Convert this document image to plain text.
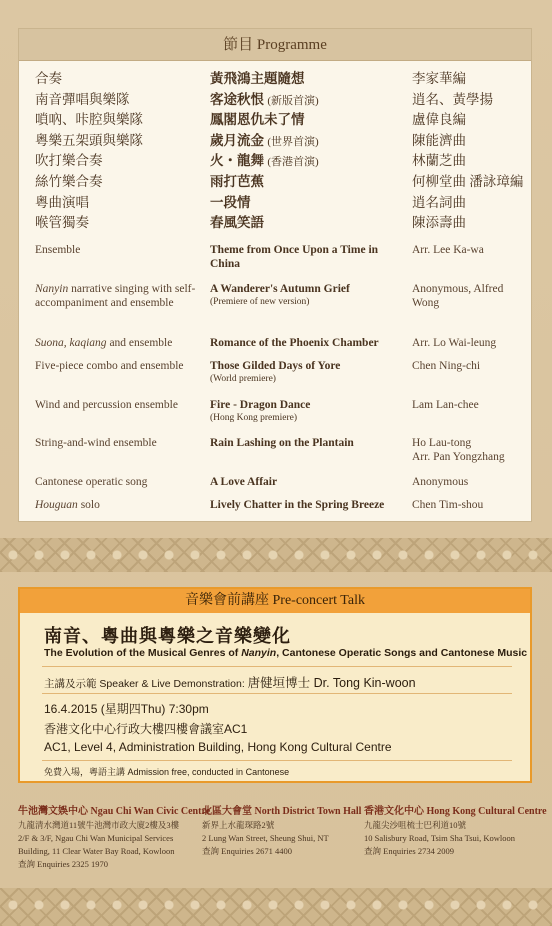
節目 Programme
合奏
南音彈唱與樂隊
嗩吶、咔腔與樂隊
粵樂五架頭與樂隊
吹打樂合奏
絲竹樂合奏
粵曲演唱
喉管獨奏
黃飛鴻主題隨想
客途秋恨 (新版首演)
鳳閣恩仇未了情
歲月流金 (世界首演)
火・龍舞 (香港首演)
雨打芭蕉
一段情
春風笑語
李家華編
逍名、黃學揚
盧偉良編
陳能濟曲
林蘭芝曲
何柳堂曲 潘詠璋編
逍名詞曲
陳添壽曲
Ensemble
Nanyin narrative singing with self-accompaniment and ensemble
Suona, kaqiang and ensemble
Five-piece combo and ensemble
Wind and percussion ensemble
String-and-wind ensemble
Cantonese operatic song
Houguan solo
Theme from Once Upon a Time in China
A Wanderer's Autumn Grief
(Premiere of new version)
Romance of the Phoenix Chamber
Those Gilded Days of Yore
(World premiere)
Fire - Dragon Dance
(Hong Kong premiere)
Rain Lashing on the Plantain
A Love Affair
Lively Chatter in the Spring Breeze
Arr. Lee Ka-wa
Anonymous, Alfred Wong
Arr. Lo Wai-leung
Chen Ning-chi
Lam Lan-chee
Ho Lau-tong
Arr. Pan Yongzhang
Anonymous
Chen Tim-shou
音樂會前講座 Pre-concert Talk
南音、粵曲與粵樂之音樂變化
The Evolution of the Musical Genres of Nanyin, Cantonese Operatic Songs and Cantonese Music
主講及示範 Speaker & Live Demonstration: 唐健垣博士 Dr. Tong Kin-woon
16.4.2015 (星期四Thu) 7:30pm
香港文化中心行政大樓四樓會議室AC1
AC1, Level 4, Administration Building, Hong Kong Cultural Centre
免費入場，粵語主講 Admission free, conducted in Cantonese
牛池灣文娛中心 Ngau Chi Wan Civic Centre
九龍清水灣道11號牛池灣市政大廈2樓及3樓
2/F & 3/F, Ngau Chi Wan Municipal Services
Building, 11 Clear Water Bay Road, Kowloon
查詢 Enquiries 2325 1970
北區大會堂 North District Town Hall
新界上水龍琛路2號
2 Lung Wan Street, Sheung Shui, NT
查詢 Enquiries 2671 4400
香港文化中心 Hong Kong Cultural Centre
九龍尖沙咀梳士巴利道10號
10 Salisbury Road, Tsim Sha Tsui, Kowloon
查詢 Enquiries 2734 2009
